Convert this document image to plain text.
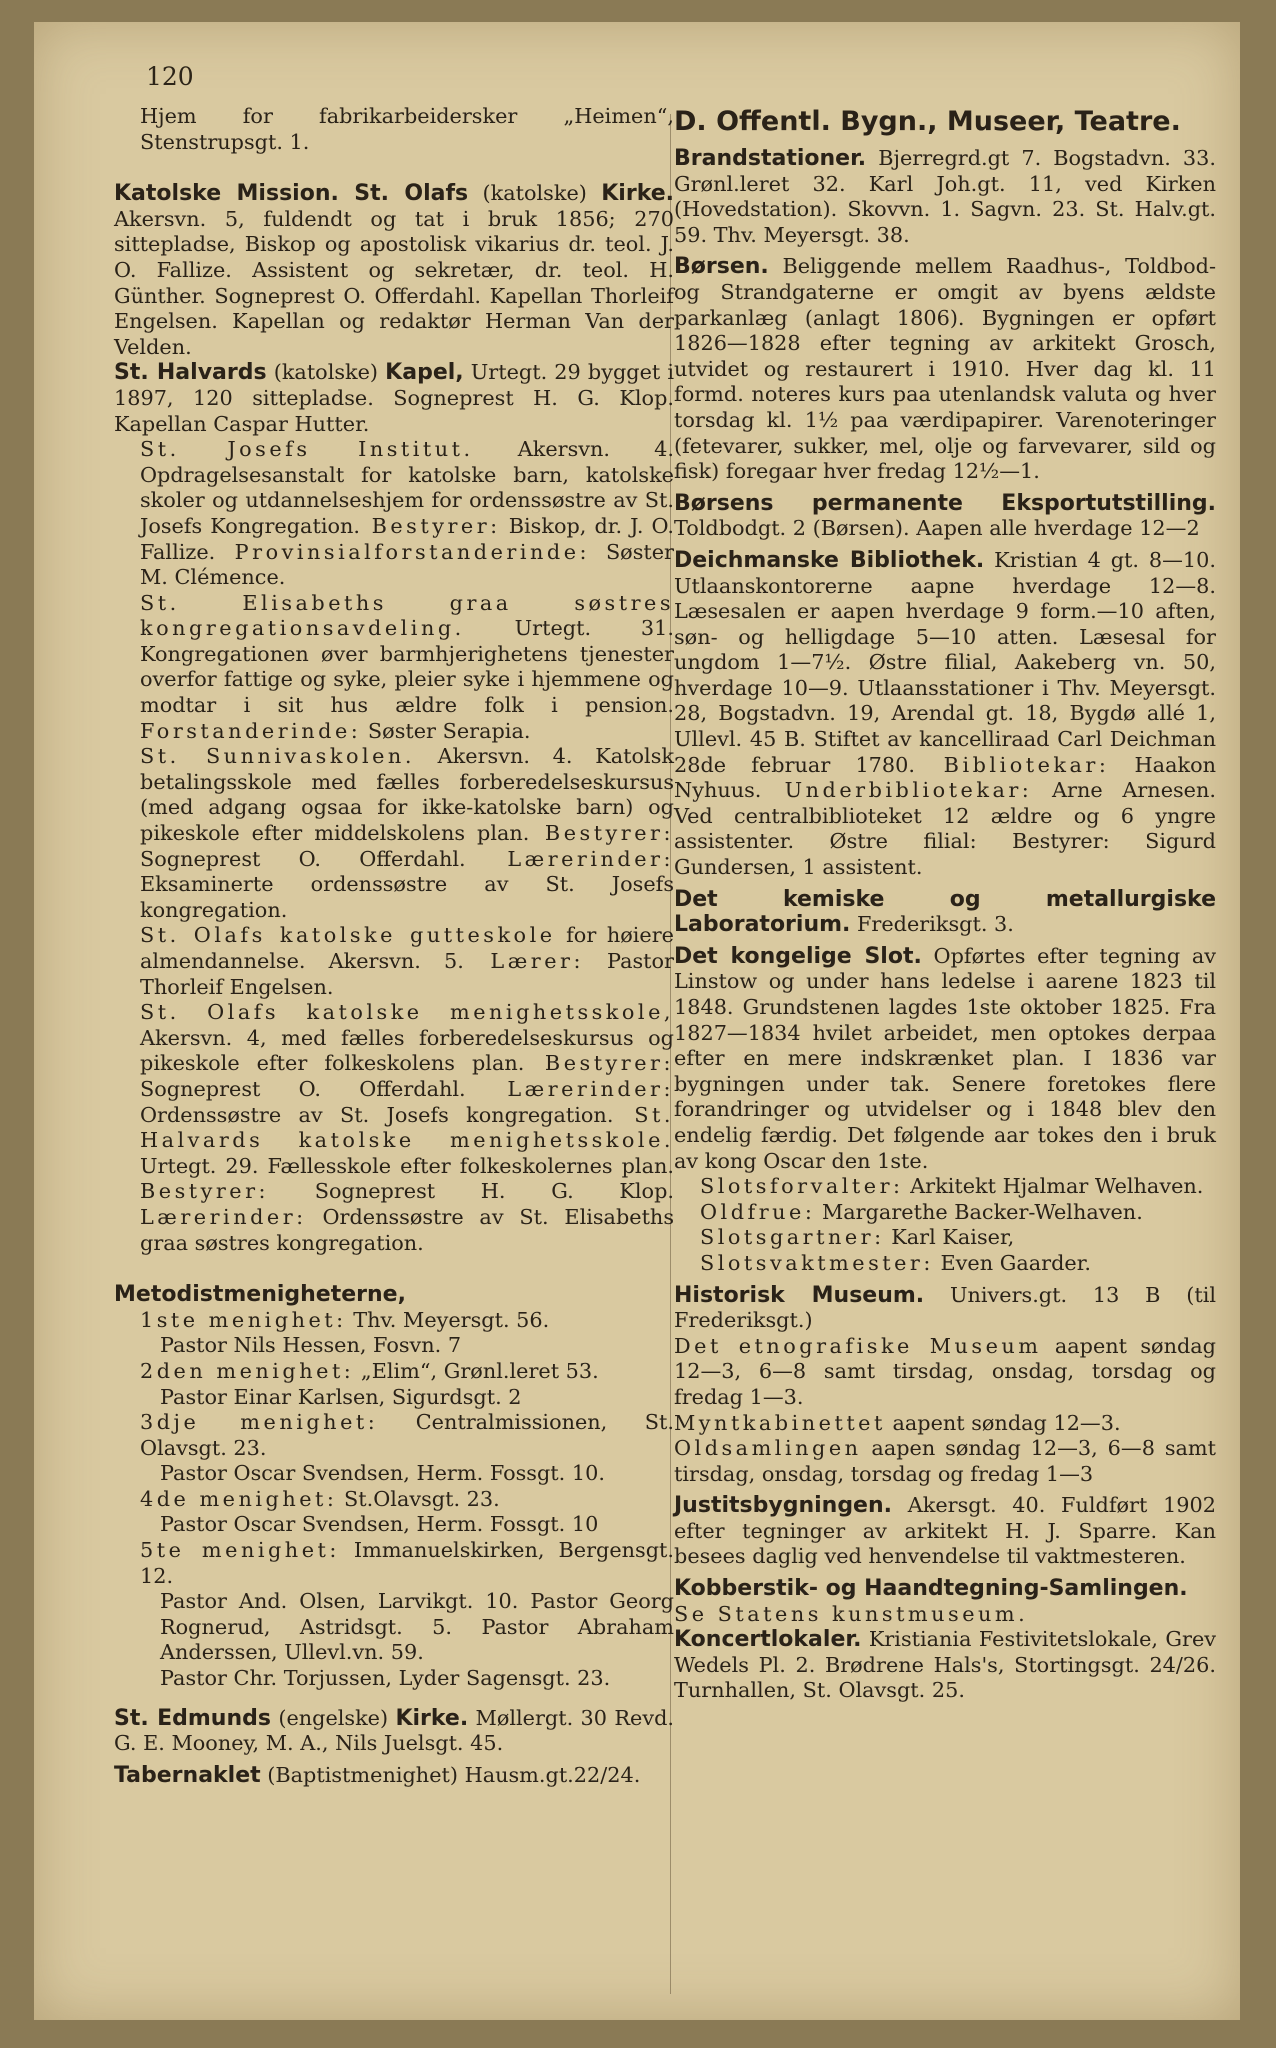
120

Hjem for fabrikarbeidersker „Heimen“, Stenstrupsgt. 1.

Katolske Mission. St. Olafs (katolske) Kirke. Akersvn. 5, fuldendt og tat i bruk 1856; 270 sittepladse, Biskop og apostolisk vikarius dr. teol. J. O. Fallize. Assistent og sekretær, dr. teol. H. Günther. Sogneprest O. Offerdahl. Kapellan Thorleif Engelsen. Kapellan og redaktør Herman Van der Velden.

St. Halvards (katolske) Kapel, Urtegt. 29 bygget i 1897, 120 sittepladse. Sogneprest H. G. Klop. Kapellan Caspar Hutter.

St. Josefs Institut. Akersvn. 4. Opdragelsesanstalt for katolske barn, katolske skoler og utdannelseshjem for ordenssøstre av St. Josefs Kongregation. Bestyrer: Biskop, dr. J. O. Fallize. Provinsialforstanderinde: Søster M. Clémence.

St. Elisabeths graa søstres kongregationsavdeling. Urtegt. 31. Kongregationen øver barmhjerighetens tjenester overfor fattige og syke, pleier syke i hjemmene og modtar i sit hus ældre folk i pension. Forstanderinde: Søster Serapia.

St. Sunnivaskolen. Akersvn. 4. Katolsk betalingsskole med fælles forberedelseskursus (med adgang ogsaa for ikke-katolske barn) og pikeskole efter middelskolens plan. Bestyrer: Sogneprest O. Offerdahl. Lærerinder: Eksaminerte ordenssøstre av St. Josefs kongregation.

St. Olafs katolske gutteskole for høiere almendannelse. Akersvn. 5. Lærer: Pastor Thorleif Engelsen.

St. Olafs katolske menighetsskole, Akersvn. 4, med fælles forberedelseskursus og pikeskole efter folkeskolens plan. Bestyrer: Sogneprest O. Offerdahl. Lærerinder: Ordenssøstre av St. Josefs kongregation. St. Halvards katolske menighetsskole. Urtegt. 29. Fællesskole efter folkeskolernes plan. Bestyrer: Sogneprest H. G. Klop. Lærerinder: Ordenssøstre av St. Elisabeths graa søstres kongregation.

Metodistmenigheterne,

1ste menighet: Thv. Meyersgt. 56.

Pastor Nils Hessen, Fosvn. 7

2den menighet: „Elim“, Grønl.leret 53.

Pastor Einar Karlsen, Sigurdsgt. 2

3dje menighet: Centralmissionen, St. Olavsgt. 23.

Pastor Oscar Svendsen, Herm. Fossgt. 10.

4de menighet: St.Olavsgt. 23.

Pastor Oscar Svendsen, Herm. Fossgt. 10

5te menighet: Immanuelskirken, Bergensgt. 12.

Pastor And. Olsen, Larvikgt. 10. Pastor Georg Rognerud, Astridsgt. 5. Pastor Abraham Anderssen, Ullevl.vn. 59.

Pastor Chr. Torjussen, Lyder Sagensgt. 23.

St. Edmunds (engelske) Kirke. Møllergt. 30 Revd. G. E. Mooney, M. A., Nils Juelsgt. 45.

Tabernaklet (Baptistmenighet) Hausm.gt.22/24.

D. Offentl. Bygn., Museer, Teatre.

Brandstationer. Bjerregrd.gt 7. Bogstadvn. 33. Grønl.leret 32. Karl Joh.gt. 11, ved Kirken (Hovedstation). Skovvn. 1. Sagvn. 23. St. Halv.gt. 59. Thv. Meyersgt. 38.

Børsen. Beliggende mellem Raadhus-, Toldbod- og Strandgaterne er omgit av byens ældste parkanlæg (anlagt 1806). Bygningen er opført 1826—1828 efter tegning av arkitekt Grosch, utvidet og restaurert i 1910. Hver dag kl. 11 formd. noteres kurs paa utenlandsk valuta og hver torsdag kl. 1½ paa værdipapirer. Varenoteringer (fetevarer, sukker, mel, olje og farvevarer, sild og fisk) foregaar hver fredag 12½—1.

Børsens permanente Eksportutstilling. Toldbodgt. 2 (Børsen). Aapen alle hverdage 12—2

Deichmanske Bibliothek. Kristian 4 gt. 8—10. Utlaanskontorerne aapne hverdage 12—8. Læsesalen er aapen hverdage 9 form.—10 aften, søn- og helligdage 5—10 atten. Læsesal for ungdom 1—7½. Østre filial, Aakeberg vn. 50, hverdage 10—9. Utlaansstationer i Thv. Meyersgt. 28, Bogstadvn. 19, Arendal gt. 18, Bygdø allé 1, Ullevl. 45 B. Stiftet av kancelliraad Carl Deichman 28de februar 1780. Bibliotekar: Haakon Nyhuus. Underbibliotekar: Arne Arnesen. Ved centralbiblioteket 12 ældre og 6 yngre assistenter. Østre filial: Bestyrer: Sigurd Gundersen, 1 assistent.

Det kemiske og metallurgiske Laboratorium. Frederiksgt. 3.

Det kongelige Slot. Opførtes efter tegning av Linstow og under hans ledelse i aarene 1823 til 1848. Grundstenen lagdes 1ste oktober 1825. Fra 1827—1834 hvilet arbeidet, men optokes derpaa efter en mere indskrænket plan. I 1836 var bygningen under tak. Senere foretokes flere forandringer og utvidelser og i 1848 blev den endelig færdig. Det følgende aar tokes den i bruk av kong Oscar den 1ste.

Slotsforvalter: Arkitekt Hjalmar Welhaven.

Oldfrue: Margarethe Backer-Welhaven.

Slotsgartner: Karl Kaiser,

Slotsvaktmester: Even Gaarder.

Historisk Museum. Univers.gt. 13 B (til Frederiksgt.)

Det etnografiske Museum aapent søndag 12—3, 6—8 samt tirsdag, onsdag, torsdag og fredag 1—3.

Myntkabinettet aapent søndag 12—3.

Oldsamlingen aapen søndag 12—3, 6—8 samt tirsdag, onsdag, torsdag og fredag 1—3

Justitsbygningen. Akersgt. 40. Fuldført 1902 efter tegninger av arkitekt H. J. Sparre. Kan besees daglig ved henvendelse til vaktmesteren.

Kobberstik- og Haandtegning-Samlingen.

Se Statens kunstmuseum.

Koncertlokaler. Kristiania Festivitetslokale, Grev Wedels Pl. 2. Brødrene Hals's, Stortingsgt. 24/26. Turnhallen, St. Olavsgt. 25.
